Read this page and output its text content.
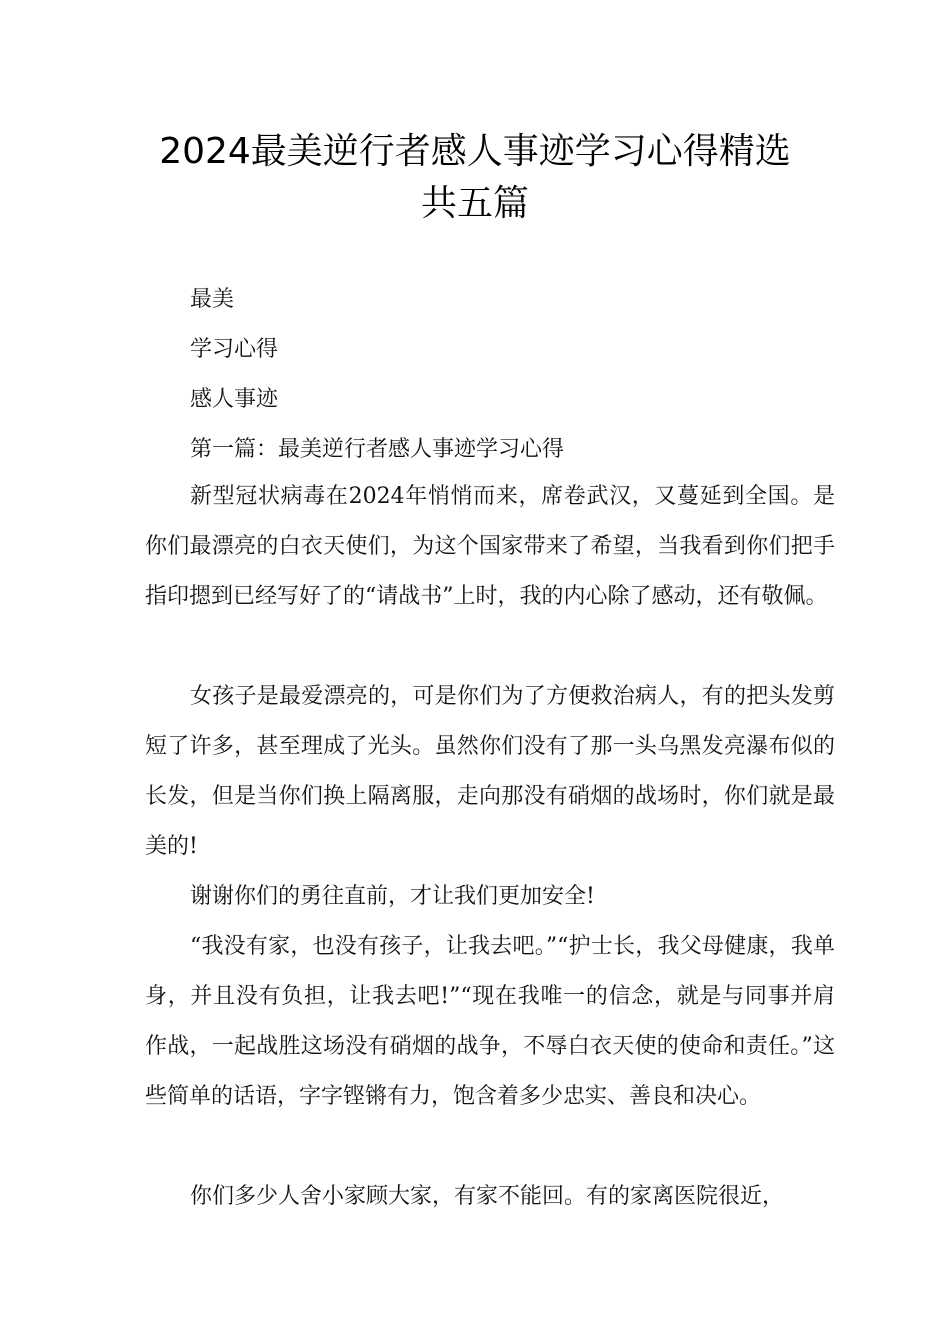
2024最美逆行者感人事迹学习心得精选
共五篇
最美
学习心得
感人事迹
第一篇：最美逆行者感人事迹学习心得

新型冠状病毒在2024年悄悄而来，席卷武汉，又蔓延到全国。是你们最漂亮的白衣天使们，为这个国家带来了希望，当我看到你们把手指印摁到已经写好了的“请战书”上时，我的内心除了感动，还有敬佩。

女孩子是最爱漂亮的，可是你们为了方便救治病人，有的把头发剪短了许多，甚至理成了光头。虽然你们没有了那一头乌黑发亮瀑布似的长发，但是当你们换上隔离服，走向那没有硝烟的战场时，你们就是最美的!

谢谢你们的勇往直前，才让我们更加安全!

“我没有家，也没有孩子，让我去吧。”“护士长，我父母健康，我单身，并且没有负担，让我去吧!”“现在我唯一的信念，就是与同事并肩作战，一起战胜这场没有硝烟的战争，不辱白衣天使的使命和责任。”这些简单的话语，字字铿锵有力，饱含着多少忠实、善良和决心。

你们多少人舍小家顾大家，有家不能回。有的家离医院很近，
